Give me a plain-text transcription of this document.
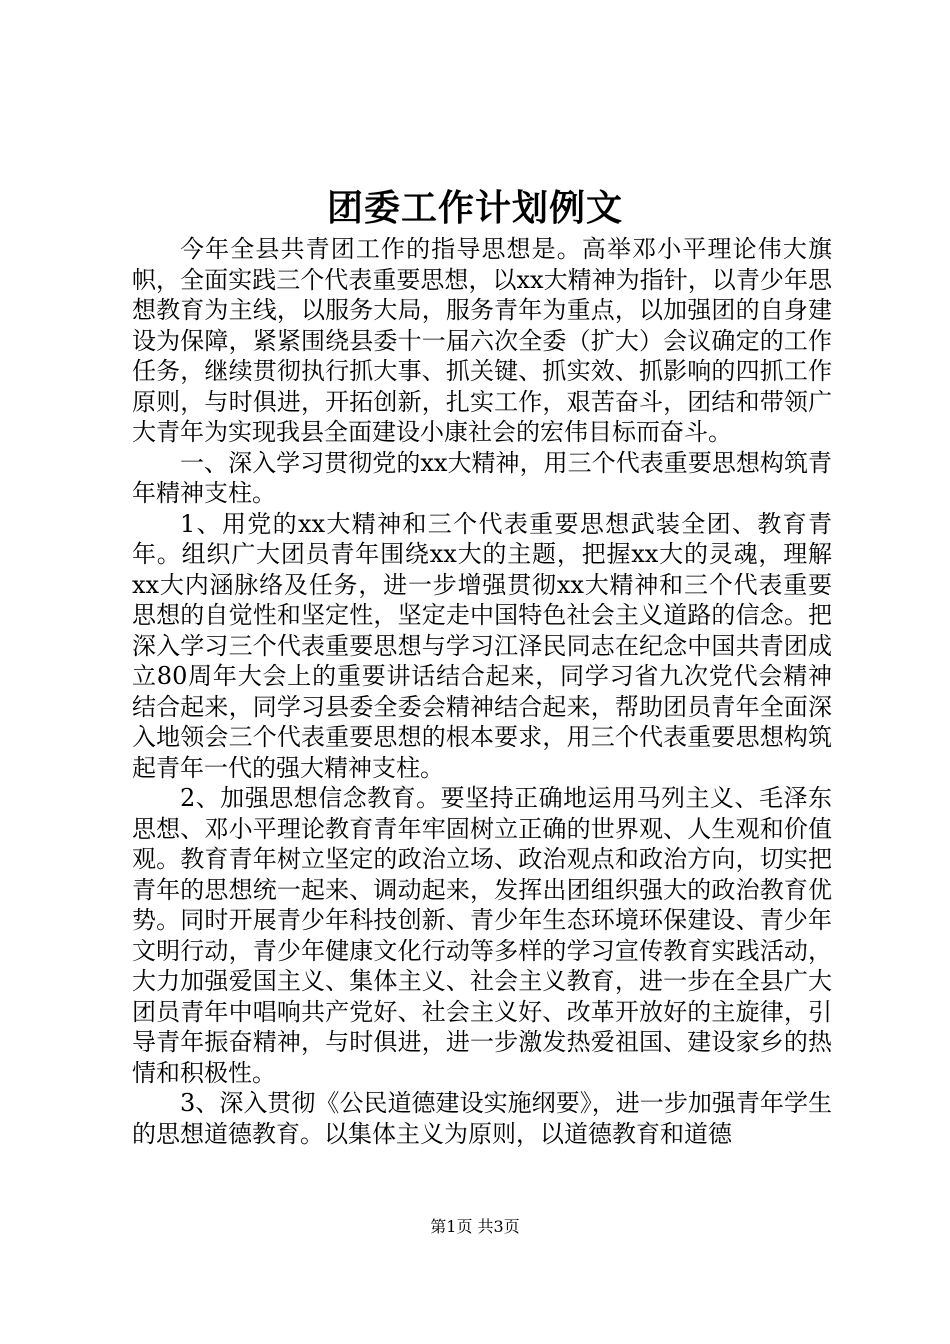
团委工作计划例文

今年全县共青团工作的指导思想是。高举邓小平理论伟大旗帜，全面实践三个代表重要思想，以xx大精神为指针，以青少年思想教育为主线，以服务大局，服务青年为重点，以加强团的自身建设为保障，紧紧围绕县委十一届六次全委（扩大）会议确定的工作任务，继续贯彻执行抓大事、抓关键、抓实效、抓影响的四抓工作原则，与时俱进，开拓创新，扎实工作，艰苦奋斗，团结和带领广大青年为实现我县全面建设小康社会的宏伟目标而奋斗。

一、深入学习贯彻党的xx大精神，用三个代表重要思想构筑青年精神支柱。

1、用党的xx大精神和三个代表重要思想武装全团、教育青年。组织广大团员青年围绕xx大的主题，把握xx大的灵魂，理解xx大内涵脉络及任务，进一步增强贯彻xx大精神和三个代表重要思想的自觉性和坚定性，坚定走中国特色社会主义道路的信念。把深入学习三个代表重要思想与学习江泽民同志在纪念中国共青团成立80周年大会上的重要讲话结合起来，同学习省九次党代会精神结合起来，同学习县委全委会精神结合起来，帮助团员青年全面深入地领会三个代表重要思想的根本要求，用三个代表重要思想构筑起青年一代的强大精神支柱。

2、加强思想信念教育。要坚持正确地运用马列主义、毛泽东思想、邓小平理论教育青年牢固树立正确的世界观、人生观和价值观。教育青年树立坚定的政治立场、政治观点和政治方向，切实把青年的思想统一起来、调动起来，发挥出团组织强大的政治教育优势。同时开展青少年科技创新、青少年生态环境环保建设、青少年文明行动，青少年健康文化行动等多样的学习宣传教育实践活动，大力加强爱国主义、集体主义、社会主义教育，进一步在全县广大团员青年中唱响共产党好、社会主义好、改革开放好的主旋律，引导青年振奋精神，与时俱进，进一步激发热爱祖国、建设家乡的热情和积极性。

3、深入贯彻《公民道德建设实施纲要》，进一步加强青年学生的思想道德教育。以集体主义为原则，以道德教育和道德

第1页 共3页
